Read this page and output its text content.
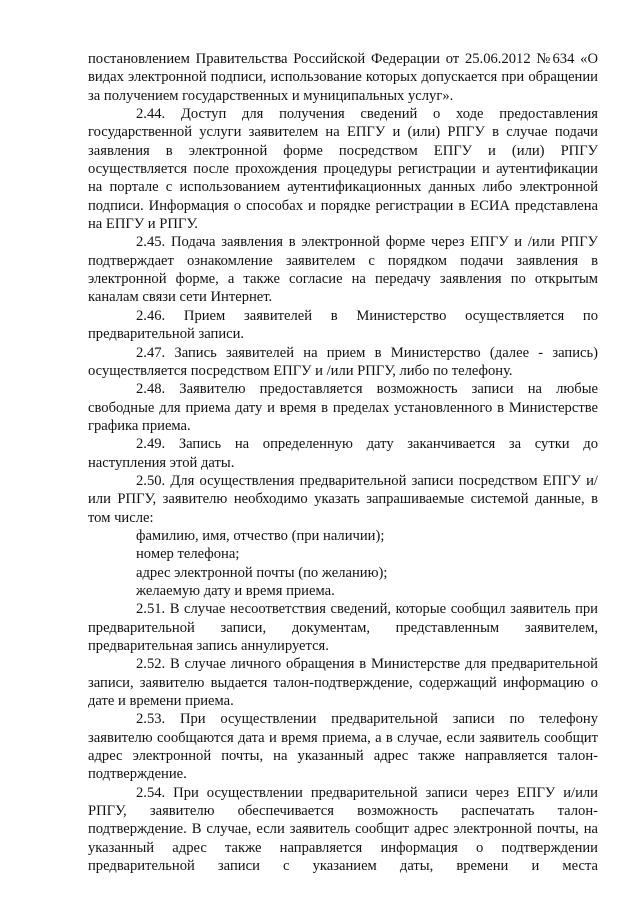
постановлением Правительства Российской Федерации от 25.06.2012 №634 «О видах электронной подписи, использование которых допускается при обращении за получением государственных и муниципальных услуг».

2.44. Доступ для получения сведений о ходе предоставления государственной услуги заявителем на ЕПГУ и (или) РПГУ в случае подачи заявления в электронной форме посредством ЕПГУ и (или) РПГУ осуществляется после прохождения процедуры регистрации и аутентификации на портале с использованием аутентификационных данных либо электронной подписи. Информация о способах и порядке регистрации в ЕСИА представлена на ЕПГУ и РПГУ.

2.45. Подача заявления в электронной форме через ЕПГУ и /или РПГУ подтверждает ознакомление заявителем с порядком подачи заявления в электронной форме, а также согласие на передачу заявления по открытым каналам связи сети Интернет.

2.46. Прием заявителей в Министерство осуществляется по предварительной записи.

2.47. Запись заявителей на прием в Министерство (далее - запись) осуществляется посредством ЕПГУ и /или РПГУ, либо по телефону.

2.48. Заявителю предоставляется возможность записи на любые свободные для приема дату и время в пределах установленного в Министерстве графика приема.

2.49. Запись на определенную дату заканчивается за сутки до наступления этой даты.

2.50. Для осуществления предварительной записи посредством ЕПГУ и/или РПГУ, заявителю необходимо указать запрашиваемые системой данные, в том числе:

фамилию, имя, отчество (при наличии);

номер телефона;

адрес электронной почты (по желанию);

желаемую дату и время приема.

2.51. В случае несоответствия сведений, которые сообщил заявитель при предварительной записи, документам, представленным заявителем, предварительная запись аннулируется.

2.52. В случае личного обращения в Министерстве для предварительной записи, заявителю выдается талон-подтверждение, содержащий информацию о дате и времени приема.

2.53. При осуществлении предварительной записи по телефону заявителю сообщаются дата и время приема, а в случае, если заявитель сообщит адрес электронной почты, на указанный адрес также направляется талон-подтверждение.

2.54. При осуществлении предварительной записи через ЕПГУ и/или РПГУ, заявителю обеспечивается возможность распечатать талон-подтверждение. В случае, если заявитель сообщит адрес электронной почты, на указанный адрес также направляется информация о подтверждении предварительной записи с указанием даты, времени и места
